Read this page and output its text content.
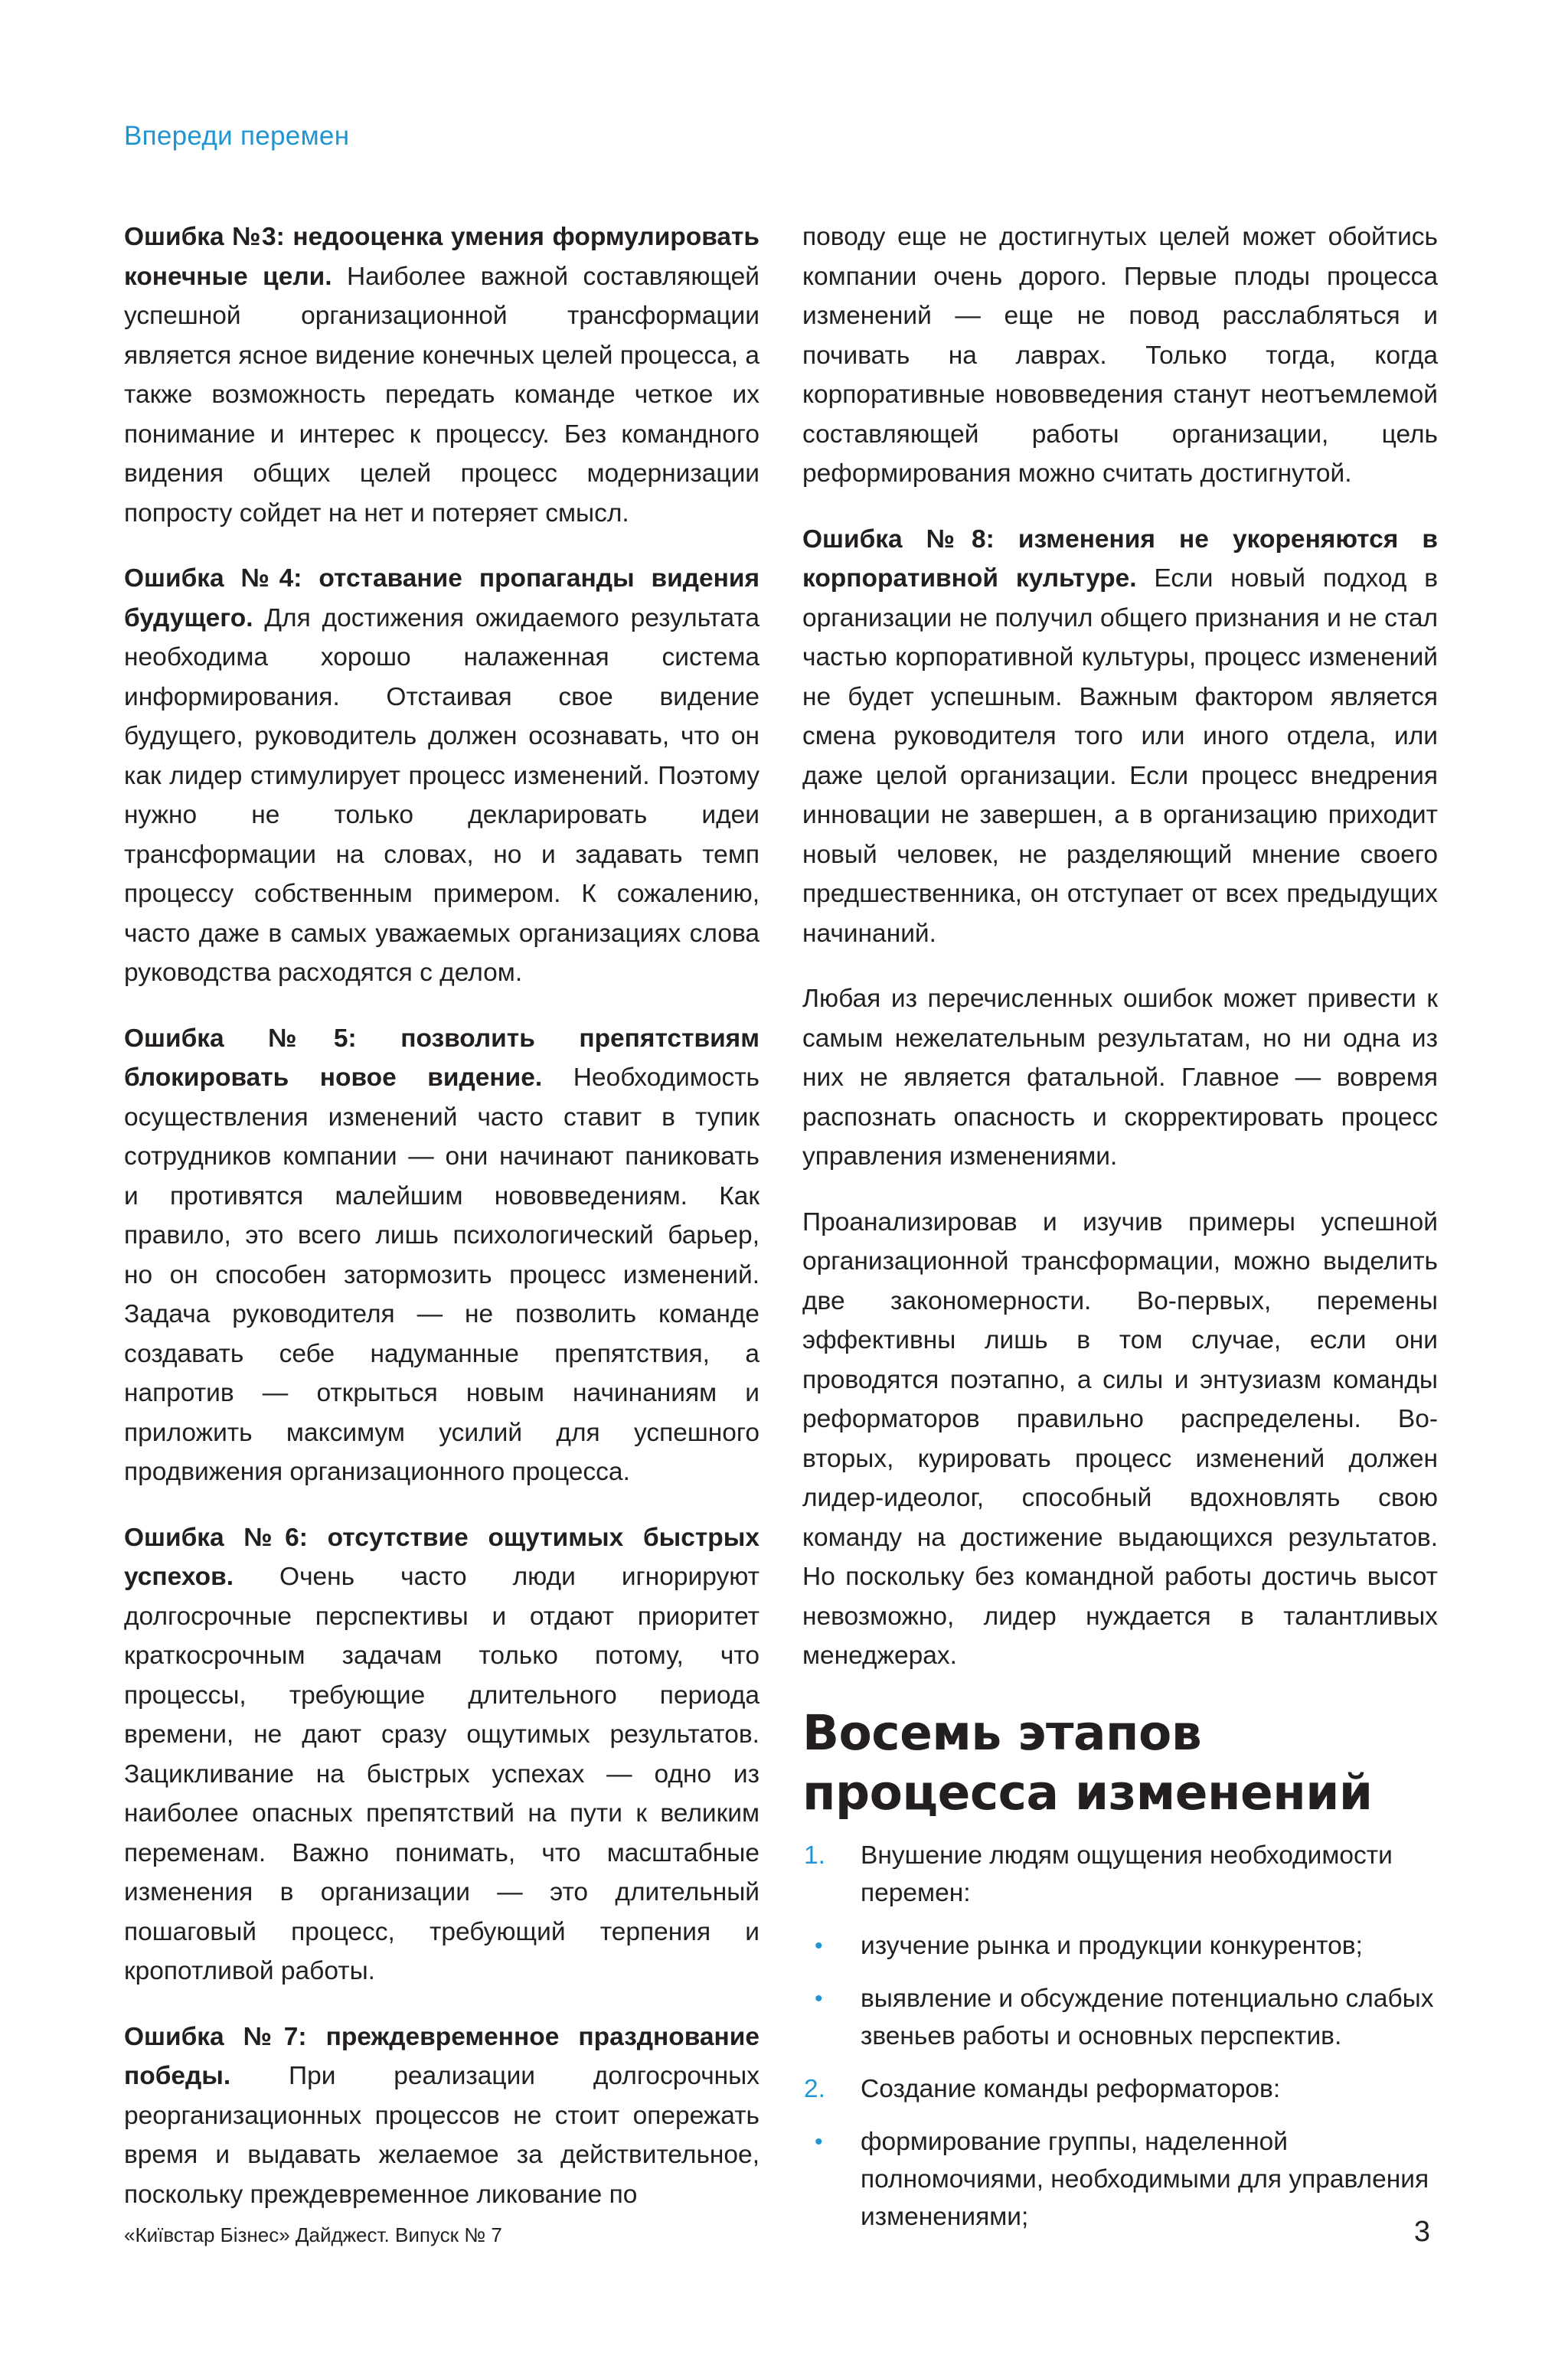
Впереди перемен

Ошибка №3: недооценка умения формулировать конечные цели. Наиболее важной составляющей успешной организационной трансформации является ясное видение конечных целей процесса, а также возможность передать команде четкое их понимание и интерес к процессу. Без командного видения общих целей процесс модернизации попросту сойдет на нет и потеряет смысл.

Ошибка №4: отставание пропаганды видения будущего. Для достижения ожидаемого результата необходима хорошо налаженная система информирования. Отстаивая свое видение будущего, руководитель должен осознавать, что он как лидер стимулирует процесс изменений. Поэтому нужно не только декларировать идеи трансформации на словах, но и задавать темп процессу собственным примером. К сожалению, часто даже в самых уважаемых организациях слова руководства расходятся с делом.

Ошибка №5: позволить препятствиям блокировать новое видение. Необходимость осуществления изменений часто ставит в тупик сотрудников компании — они начинают паниковать и противятся малейшим нововведениям. Как правило, это всего лишь психологический барьер, но он способен затормозить процесс изменений. Задача руководителя — не позволить команде создавать себе надуманные препятствия, а напротив — открыться новым начинаниям и приложить максимум усилий для успешного продвижения организационного процесса.

Ошибка №6: отсутствие ощутимых быстрых успехов. Очень часто люди игнорируют долгосрочные перспективы и отдают приоритет краткосрочным задачам только потому, что процессы, требующие длительного периода времени, не дают сразу ощутимых результатов. Зацикливание на быстрых успехах — одно из наиболее опасных препятствий на пути к великим переменам. Важно понимать, что масштабные изменения в организации — это длительный пошаговый процесс, требующий терпения и кропотливой работы.

Ошибка №7: преждевременное празднование победы. При реализации долгосрочных реорганизационных процессов не стоит опережать время и выдавать желаемое за действительное, поскольку преждевременное ликование по

поводу еще не достигнутых целей может обойтись компании очень дорого. Первые плоды процесса изменений — еще не повод расслабляться и почивать на лаврах. Только тогда, когда корпоративные нововведения станут неотъемлемой составляющей работы организации, цель реформирования можно считать достигнутой.

Ошибка №8: изменения не укореняются в корпоративной культуре. Если новый подход в организации не получил общего признания и не стал частью корпоративной культуры, процесс изменений не будет успешным. Важным фактором является смена руководителя того или иного отдела, или даже целой организации. Если процесс внедрения инновации не завершен, а в организацию приходит новый человек, не разделяющий мнение своего предшественника, он отступает от всех предыдущих начинаний.

Любая из перечисленных ошибок может привести к самым нежелательным результатам, но ни одна из них не является фатальной. Главное — вовремя распознать опасность и скорректировать процесс управления изменениями.

Проанализировав и изучив примеры успешной организационной трансформации, можно выделить две закономерности. Во-первых, перемены эффективны лишь в том случае, если они проводятся поэтапно, а силы и энтузиазм команды реформаторов правильно распределены. Во-вторых, курировать процесс изменений должен лидер-идеолог, способный вдохновлять свою команду на достижение выдающихся результатов. Но поскольку без командной работы достичь высот невозможно, лидер нуждается в талантливых менеджерах.

Восемь этапов
процесса изменений
1. Внушение людям ощущения необходимости перемен:
• изучение рынка и продукции конкурентов;
• выявление и обсуждение потенциально слабых звеньев работы и основных перспектив.
2. Создание команды реформаторов:
• формирование группы, наделенной полномочиями, необходимыми для управления изменениями;
«Київстар Бізнес» Дайджест. Випуск № 7	3
